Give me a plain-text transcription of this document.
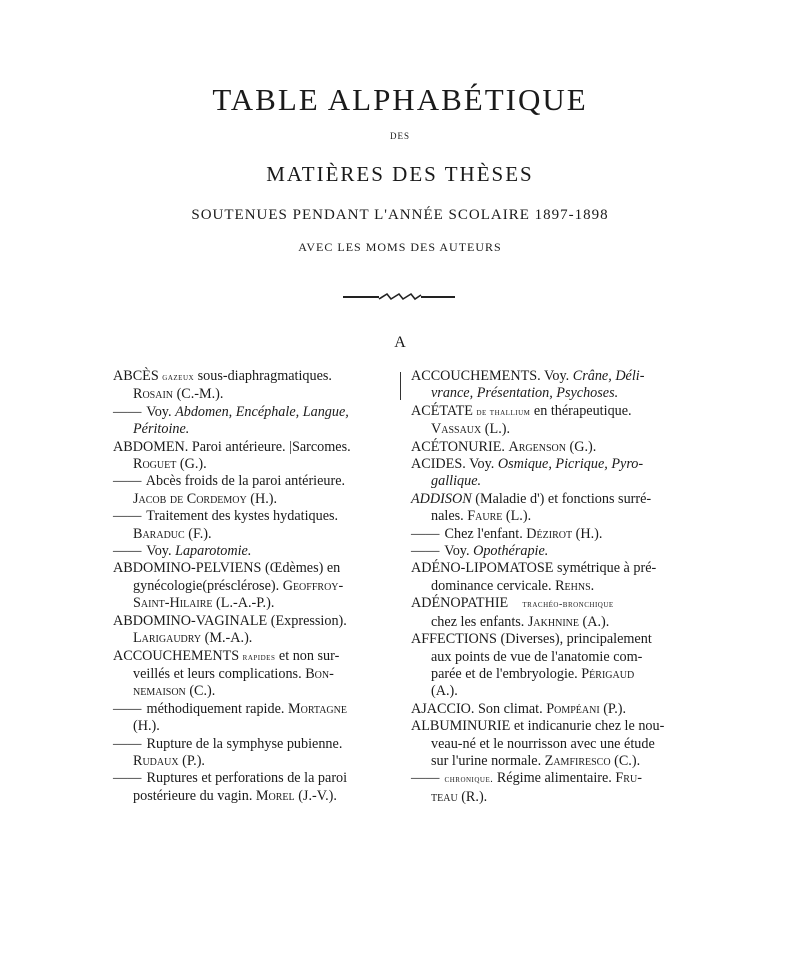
TABLE ALPHABÉTIQUE
DES
MATIÈRES DES THÈSES
SOUTENUES PENDANT L'ANNÉE SCOLAIRE 1897-1898
AVEC LES MOMS DES AUTEURS
A
ABCÈS gazeux sous-diaphragmatiques.
Rosain (C.-M.).
—— Voy. Abdomen, Encéphale, Langue,
Péritoine.
ABDOMEN. Paroi antérieure. |Sarcomes.
Roguet (G.).
—— Abcès froids de la paroi antérieure.
Jacob de Cordemoy (H.).
—— Traitement des kystes hydatiques.
Baraduc (F.).
—— Voy. Laparotomie.
ABDOMINO-PELVIENS (Œdèmes) en
gynécologie(présclérose). Geoffroy-
Saint-Hilaire (L.-A.-P.).
ABDOMINO-VAGINALE (Expression).
Larigaudry (M.-A.).
ACCOUCHEMENTS rapides et non sur-
veillés et leurs complications. Bon-
nemaison (C.).
—— méthodiquement rapide. Mortagne
(H.).
—— Rupture de la symphyse pubienne.
Rudaux (P.).
—— Ruptures et perforations de la paroi
postérieure du vagin. Morel (J.-V.).
ACCOUCHEMENTS. Voy. Crâne, Déli-
vrance, Présentation, Psychoses.
ACÉTATE de thallium en thérapeutique.
Vassaux (L.).
ACÉTONURIE. Argenson (G.).
ACIDES. Voy. Osmique, Picrique, Pyro-
gallique.
ADDISON (Maladie d') et fonctions surré-
nales. Faure (L.).
—— Chez l'enfant. Dézirot (H.).
—— Voy. Opothérapie.
ADÉNO-LIPOMATOSE symétrique à pré-
dominance cervicale. Rehns.
ADÉNOPATHIE trachéo-bronchique
chez les enfants. Jakhnine (A.).
AFFECTIONS (Diverses), principalement
aux points de vue de l'anatomie com-
parée et de l'embryologie. Périgaud
(A.).
AJACCIO. Son climat. Pompéani (P.).
ALBUMINURIE et indicanurie chez le nou-
veau-né et le nourrisson avec une étude
sur l'urine normale. Zamfiresco (C.).
—— chronique. Régime alimentaire. Fru-
teau (R.).
